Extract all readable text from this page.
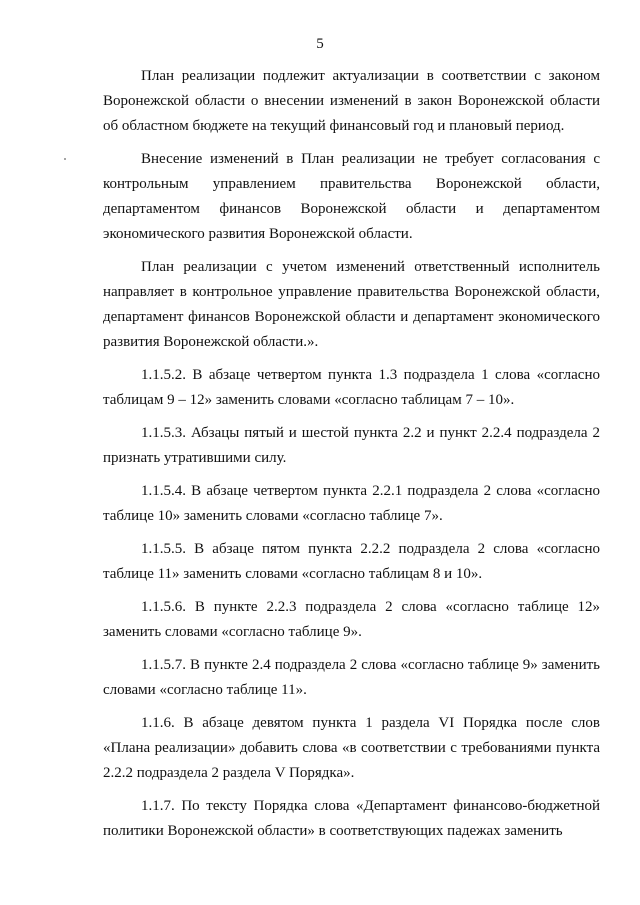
5

План реализации подлежит актуализации в соответствии с законом Воронежской области о внесении изменений в закон Воронежской области об областном бюджете на текущий финансовый год и плановый период.

Внесение изменений в План реализации не требует согласования с контрольным управлением правительства Воронежской области, департаментом финансов Воронежской области и департаментом экономического развития Воронежской области.

План реализации с учетом изменений ответственный исполнитель направляет в контрольное управление правительства Воронежской области, департамент финансов Воронежской области и департамент экономического развития Воронежской области.».

1.1.5.2. В абзаце четвертом пункта 1.3 подраздела 1 слова «согласно таблицам 9 – 12» заменить словами «согласно таблицам 7 – 10».

1.1.5.3. Абзацы пятый и шестой пункта 2.2 и пункт 2.2.4 подраздела 2 признать утратившими силу.

1.1.5.4. В абзаце четвертом пункта 2.2.1 подраздела 2 слова «согласно таблице 10» заменить словами «согласно таблице 7».

1.1.5.5. В абзаце пятом пункта 2.2.2 подраздела 2 слова «согласно таблице 11» заменить словами «согласно таблицам 8 и 10».

1.1.5.6. В пункте 2.2.3 подраздела 2 слова «согласно таблице 12» заменить словами «согласно таблице 9».

1.1.5.7. В пункте 2.4 подраздела 2 слова «согласно таблице 9» заменить словами «согласно таблице 11».

1.1.6. В абзаце девятом пункта 1 раздела VI Порядка после слов «Плана реализации» добавить слова «в соответствии с требованиями пункта 2.2.2 подраздела 2 раздела V Порядка».

1.1.7. По тексту Порядка слова «Департамент финансово-бюджетной политики Воронежской области» в соответствующих падежах заменить
